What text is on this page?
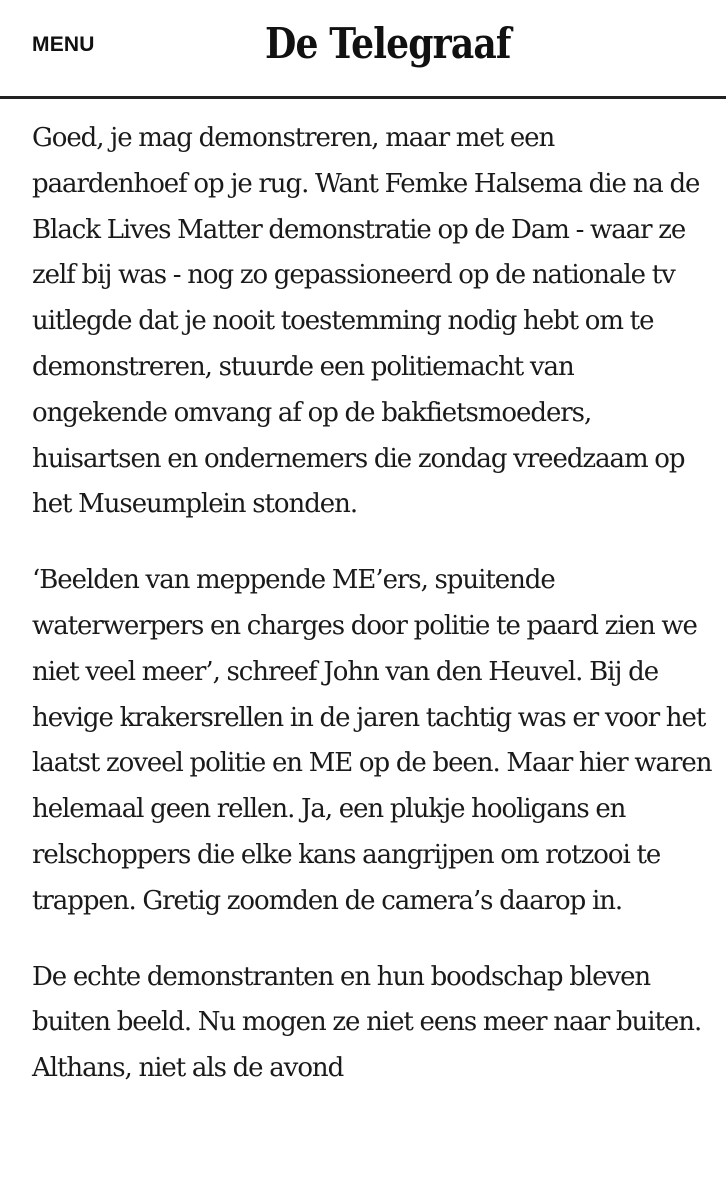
MENU	De Telegraaf

Goed, je mag demonstreren, maar met een paardenhoef op je rug. Want Femke Halsema die na de Black Lives Matter demonstratie op de Dam - waar ze zelf bij was - nog zo gepassioneerd op de nationale tv uitlegde dat je nooit toestemming nodig hebt om te demonstreren, stuurde een politiemacht van ongekende omvang af op de bakfietsmoeders, huisartsen en ondernemers die zondag vreedzaam op het Museumplein stonden.

‘Beelden van meppende ME’ers, spuitende waterwerpers en charges door politie te paard zien we niet veel meer’, schreef John van den Heuvel. Bij de hevige krakersrellen in de jaren tachtig was er voor het laatst zoveel politie en ME op de been. Maar hier waren helemaal geen rellen. Ja, een plukje hooligans en relschoppers die elke kans aangrijpen om rotzooi te trappen. Gretig zoomden de camera’s daarop in.

De echte demonstranten en hun boodschap bleven buiten beeld. Nu mogen ze niet eens meer naar buiten. Althans, niet als de avond
